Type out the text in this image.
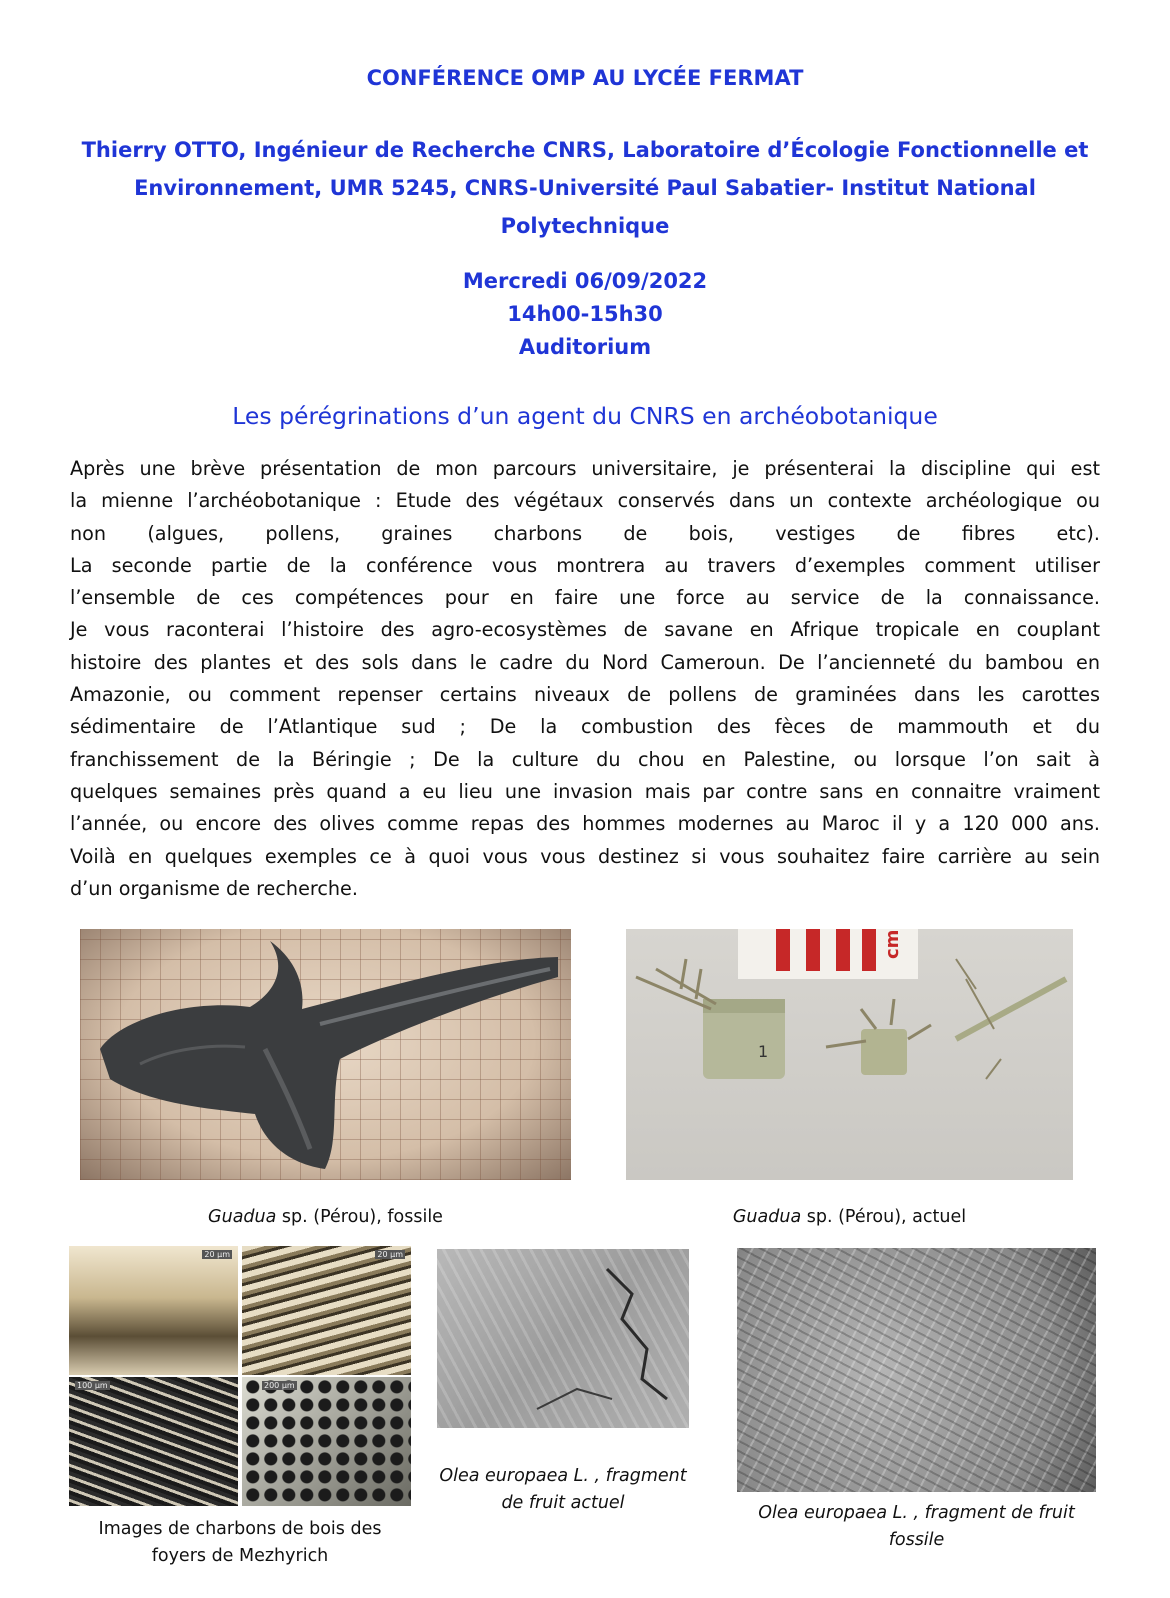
CONFÉRENCE OMP AU LYCÉE FERMAT
Thierry OTTO, Ingénieur de Recherche CNRS, Laboratoire d’Écologie Fonctionnelle et
Environnement, UMR 5245, CNRS-Université Paul Sabatier- Institut National
Polytechnique
Mercredi 06/09/2022
14h00-15h30
Auditorium
Les pérégrinations d’un agent du CNRS en archéobotanique
Après une brève présentation de mon parcours universitaire, je présenterai la discipline qui est
la mienne l’archéobotanique : Etude des végétaux conservés dans un contexte archéologique ou
non (algues, pollens, graines charbons de bois, vestiges de fibres etc).
La seconde partie de la conférence vous montrera au travers d’exemples comment utiliser
l’ensemble de ces compétences pour en faire une force au service de la connaissance.
Je vous raconterai l’histoire des agro-ecosystèmes de savane en Afrique tropicale en couplant
histoire des plantes et des sols dans le cadre du Nord Cameroun. De l’ancienneté du bambou en
Amazonie, ou comment repenser certains niveaux de pollens de graminées dans les carottes
sédimentaire de l’Atlantique sud ; De la combustion des fèces de mammouth et du
franchissement de la Béringie ; De la culture du chou en Palestine, ou lorsque l’on sait à
quelques semaines près quand a eu lieu une invasion mais par contre sans en connaitre vraiment
l’année, ou encore des olives comme repas des hommes modernes au Maroc il y a 120 000 ans.
Voilà en quelques exemples ce à quoi vous vous destinez si vous souhaitez faire carrière au sein
d’un organisme de recherche.
Guadua sp. (Pérou), fossile
cm
1
Guadua sp. (Pérou), actuel
20 µm	20 µm
100 µm	200 µm
Images de charbons de bois des
foyers de Mezhyrich
Olea europaea L. , fragment
de fruit actuel	Olea europaea L. , fragment de fruit
fossile
